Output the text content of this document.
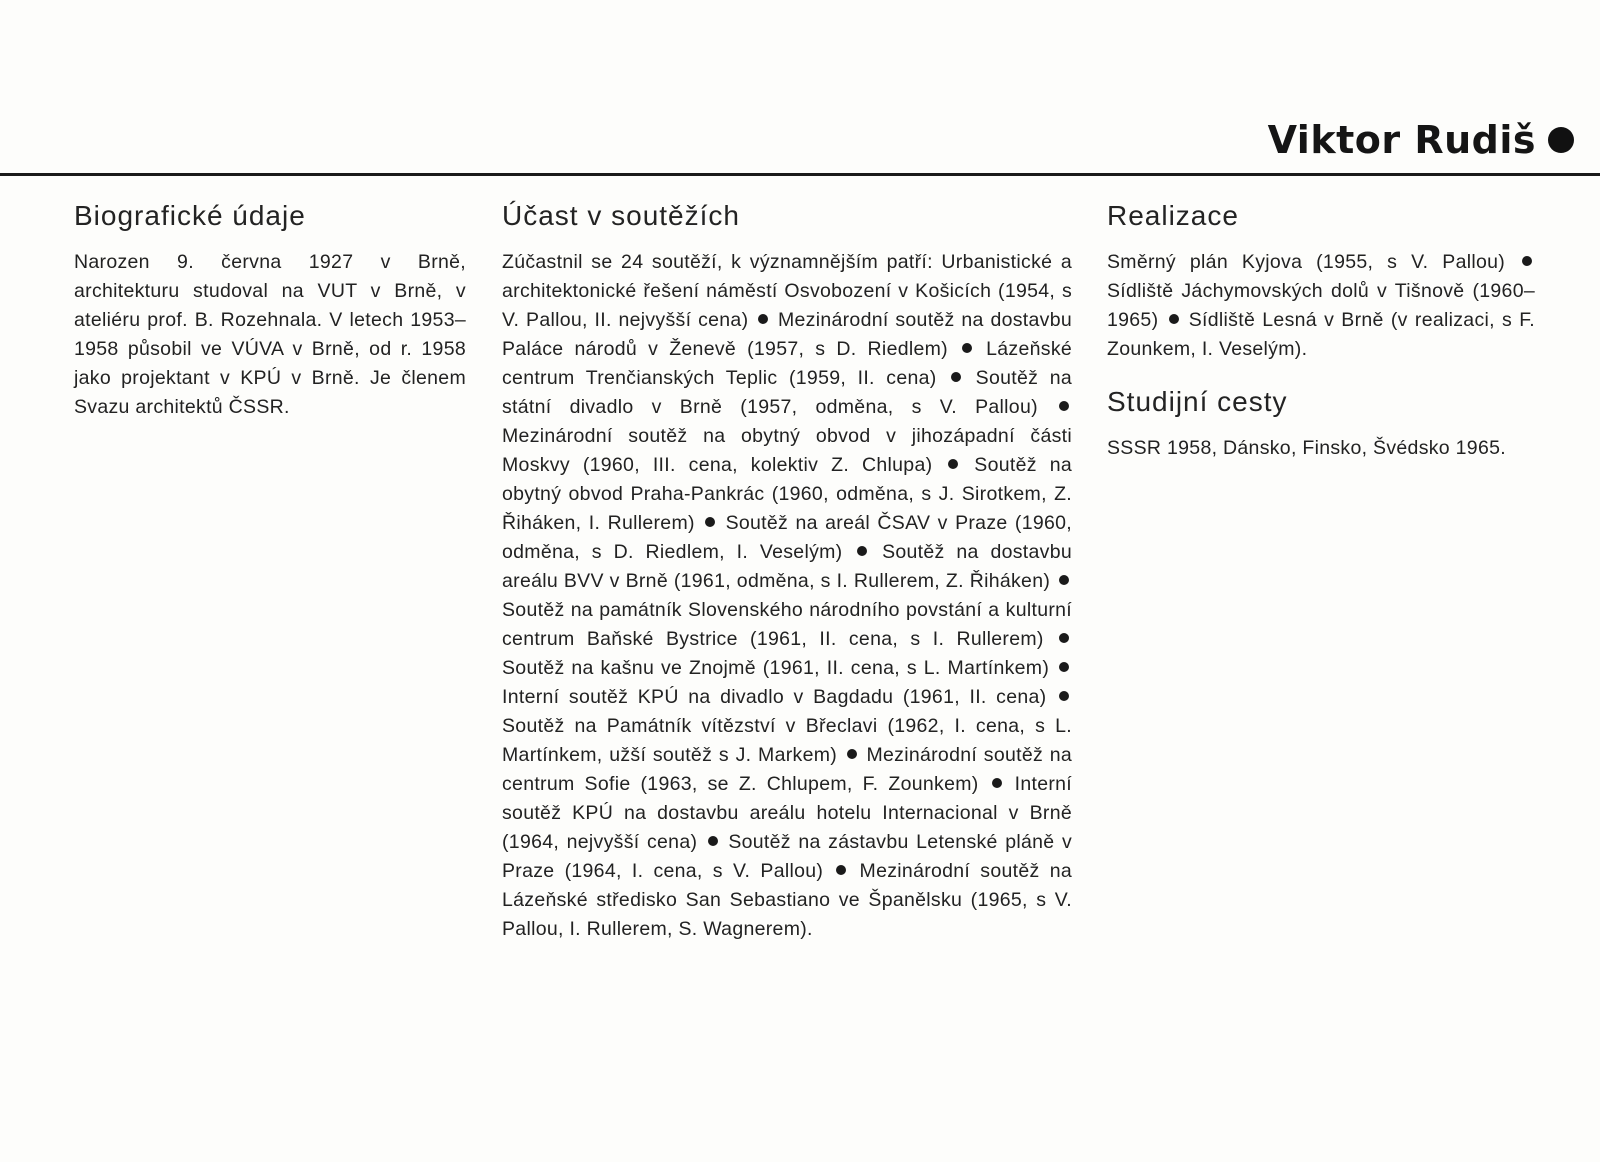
Viktor Rudiš
Biografické údaje

Narozen 9. června 1927 v Brně, architekturu studoval na VUT v Brně, v ateliéru prof. B. Rozehnala. V letech 1953–1958 působil ve VÚVA v Brně, od r. 1958 jako projektant v KPÚ v Brně. Je členem Svazu architektů ČSSR.

Účast v soutěžích

Zúčastnil se 24 soutěží, k významnějším patří: Urbanistické a architektonické řešení náměstí Osvobození v Košicích (1954, s V. Pallou, II. nejvyšší cena) Mezinárodní soutěž na dostavbu Paláce národů v Ženevě (1957, s D. Riedlem) Lázeňské centrum Trenčianských Teplic (1959, II. cena) Soutěž na státní divadlo v Brně (1957, odměna, s V. Pallou)  Mezinárodní soutěž na obytný obvod v jihozápadní části Moskvy (1960, III. cena, kolektiv Z. Chlupa) Soutěž na obytný obvod Praha-Pankrác (1960, odměna, s J. Sirotkem, Z. Řiháken, I. Rullerem) Soutěž na areál ČSAV v Praze (1960, odměna, s D. Riedlem, I. Veselým) Soutěž na dostavbu areálu BVV v Brně (1961, odměna, s I. Rullerem, Z. Řiháken)  Soutěž na památník Slovenského národního povstání a kulturní centrum Baňské Bystrice (1961, II. cena, s I. Rullerem)  Soutěž na kašnu ve Znojmě (1961, II. cena, s L. Martínkem)  Interní soutěž KPÚ na divadlo v Bagdadu (1961, II. cena)  Soutěž na Památník vítězství v Břeclavi (1962, I. cena, s L. Martínkem, užší soutěž s J. Markem) Mezinárodní soutěž na centrum Sofie (1963, se Z. Chlupem, F. Zounkem) Interní soutěž KPÚ na dostavbu areálu hotelu Internacional v Brně (1964, nejvyšší cena) Soutěž na zástavbu Letenské pláně v Praze (1964, I. cena, s V. Pallou) Mezinárodní soutěž na Lázeňské středisko San Sebastiano ve Španělsku (1965, s V. Pallou, I. Rullerem, S. Wagnerem).

Realizace

Směrný plán Kyjova (1955, s V. Pallou)  Sídliště Jáchymovských dolů v Tišnově (1960–1965) Sídliště Lesná v Brně (v realizaci, s F. Zounkem, I. Veselým).

Studijní cesty

SSSR 1958, Dánsko, Finsko, Švédsko 1965.
